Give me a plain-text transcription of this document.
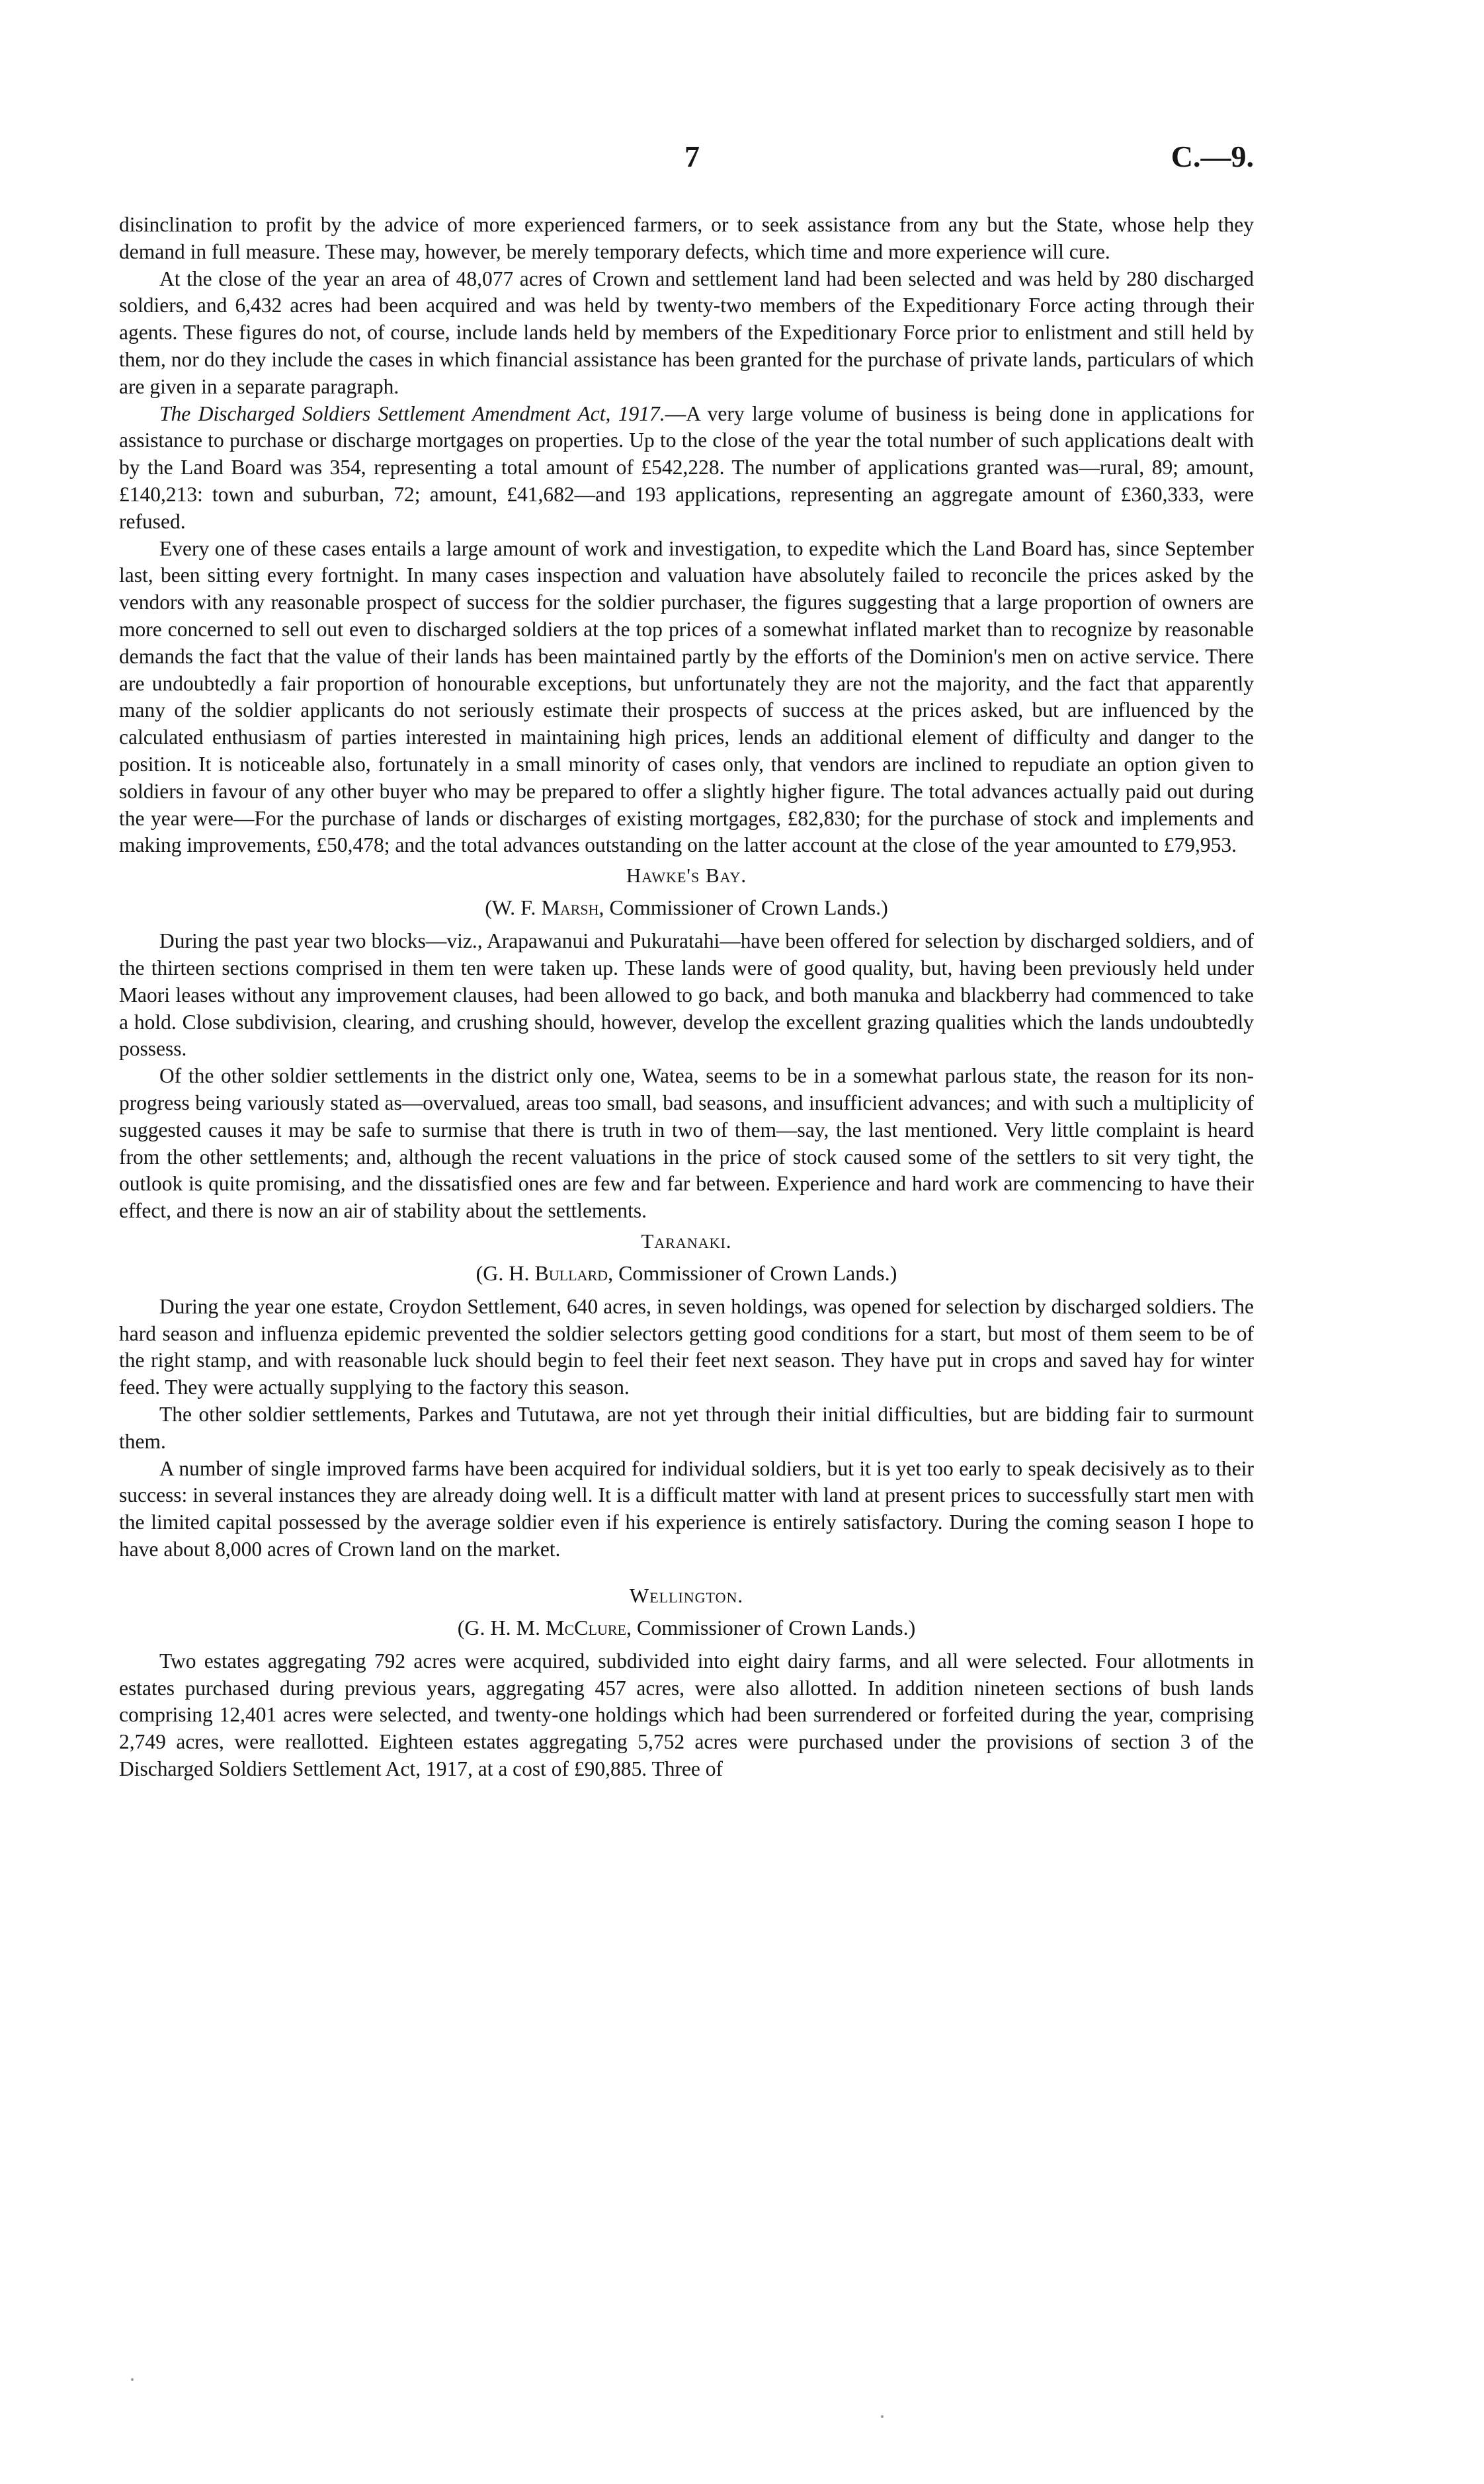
7	C.—9.

disinclination to profit by the advice of more experienced farmers, or to seek assistance from any but the State, whose help they demand in full measure. These may, however, be merely temporary defects, which time and more experience will cure.

At the close of the year an area of 48,077 acres of Crown and settlement land had been selected and was held by 280 discharged soldiers, and 6,432 acres had been acquired and was held by twenty-two members of the Expeditionary Force acting through their agents. These figures do not, of course, include lands held by members of the Expeditionary Force prior to enlistment and still held by them, nor do they include the cases in which financial assistance has been granted for the purchase of private lands, particulars of which are given in a separate paragraph.

The Discharged Soldiers Settlement Amendment Act, 1917.—A very large volume of business is being done in applications for assistance to purchase or discharge mortgages on properties. Up to the close of the year the total number of such applications dealt with by the Land Board was 354, representing a total amount of £542,228. The number of applications granted was—rural, 89; amount, £140,213: town and suburban, 72; amount, £41,682—and 193 applications, representing an aggregate amount of £360,333, were refused.

Every one of these cases entails a large amount of work and investigation, to expedite which the Land Board has, since September last, been sitting every fortnight. In many cases inspection and valuation have absolutely failed to reconcile the prices asked by the vendors with any reasonable prospect of success for the soldier purchaser, the figures suggesting that a large proportion of owners are more concerned to sell out even to discharged soldiers at the top prices of a somewhat inflated market than to recognize by reasonable demands the fact that the value of their lands has been maintained partly by the efforts of the Dominion's men on active service. There are undoubtedly a fair proportion of honourable exceptions, but unfortunately they are not the majority, and the fact that apparently many of the soldier applicants do not seriously estimate their prospects of success at the prices asked, but are influenced by the calculated enthusiasm of parties interested in maintaining high prices, lends an additional element of difficulty and danger to the position. It is noticeable also, fortunately in a small minority of cases only, that vendors are inclined to repudiate an option given to soldiers in favour of any other buyer who may be prepared to offer a slightly higher figure. The total advances actually paid out during the year were—For the purchase of lands or discharges of existing mortgages, £82,830; for the purchase of stock and implements and making improvements, £50,478; and the total advances outstanding on the latter account at the close of the year amounted to £79,953.

Hawke's Bay.
(W. F. Marsh, Commissioner of Crown Lands.)

During the past year two blocks—viz., Arapawanui and Pukuratahi—have been offered for selection by discharged soldiers, and of the thirteen sections comprised in them ten were taken up. These lands were of good quality, but, having been previously held under Maori leases without any improvement clauses, had been allowed to go back, and both manuka and blackberry had commenced to take a hold. Close subdivision, clearing, and crushing should, however, develop the excellent grazing qualities which the lands undoubtedly possess.

Of the other soldier settlements in the district only one, Watea, seems to be in a somewhat parlous state, the reason for its non-progress being variously stated as—overvalued, areas too small, bad seasons, and insufficient advances; and with such a multiplicity of suggested causes it may be safe to surmise that there is truth in two of them—say, the last mentioned. Very little complaint is heard from the other settlements; and, although the recent valuations in the price of stock caused some of the settlers to sit very tight, the outlook is quite promising, and the dissatisfied ones are few and far between. Experience and hard work are commencing to have their effect, and there is now an air of stability about the settlements.

Taranaki.
(G. H. Bullard, Commissioner of Crown Lands.)

During the year one estate, Croydon Settlement, 640 acres, in seven holdings, was opened for selection by discharged soldiers. The hard season and influenza epidemic prevented the soldier selectors getting good conditions for a start, but most of them seem to be of the right stamp, and with reasonable luck should begin to feel their feet next season. They have put in crops and saved hay for winter feed. They were actually supplying to the factory this season.

The other soldier settlements, Parkes and Tututawa, are not yet through their initial difficulties, but are bidding fair to surmount them.

A number of single improved farms have been acquired for individual soldiers, but it is yet too early to speak decisively as to their success: in several instances they are already doing well. It is a difficult matter with land at present prices to successfully start men with the limited capital possessed by the average soldier even if his experience is entirely satisfactory. During the coming season I hope to have about 8,000 acres of Crown land on the market.

Wellington.
(G. H. M. McClure, Commissioner of Crown Lands.)

Two estates aggregating 792 acres were acquired, subdivided into eight dairy farms, and all were selected. Four allotments in estates purchased during previous years, aggregating 457 acres, were also allotted. In addition nineteen sections of bush lands comprising 12,401 acres were selected, and twenty-one holdings which had been surrendered or forfeited during the year, comprising 2,749 acres, were reallotted. Eighteen estates aggregating 5,752 acres were purchased under the provisions of section 3 of the Discharged Soldiers Settlement Act, 1917, at a cost of £90,885. Three of
